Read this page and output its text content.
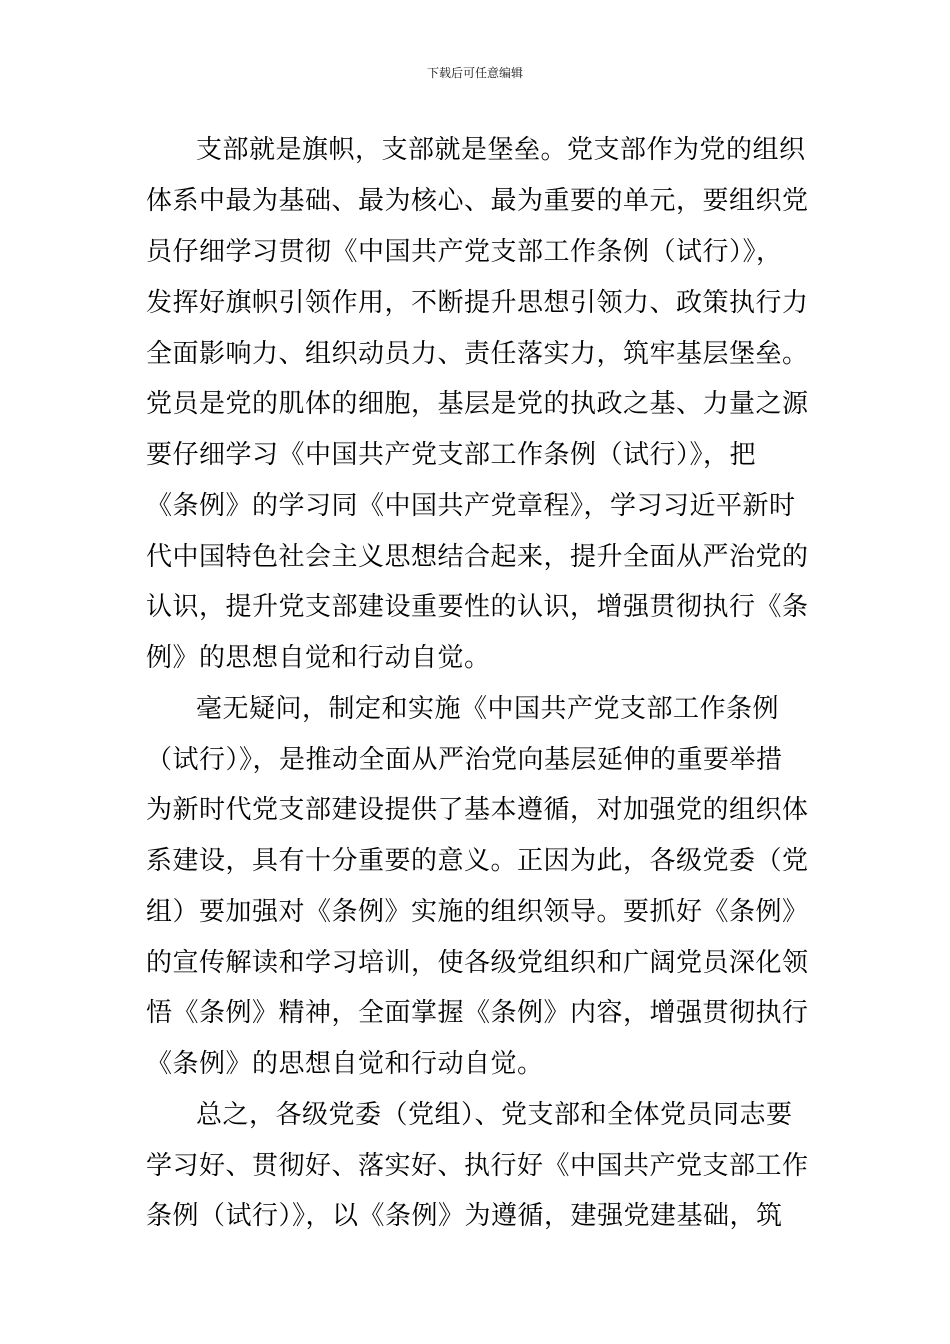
下载后可任意编辑
支部就是旗帜，支部就是堡垒。党支部作为党的组织
体系中最为基础、最为核心、最为重要的单元，要组织党
员仔细学习贯彻《中国共产党支部工作条例（试行）》，
发挥好旗帜引领作用，不断提升思想引领力、政策执行力
全面影响力、组织动员力、责任落实力，筑牢基层堡垒。
党员是党的肌体的细胞，基层是党的执政之基、力量之源
要仔细学习《中国共产党支部工作条例（试行）》，把
《条例》的学习同《中国共产党章程》，学习习近平新时
代中国特色社会主义思想结合起来，提升全面从严治党的
认识，提升党支部建设重要性的认识，增强贯彻执行《条
例》的思想自觉和行动自觉。
毫无疑问，制定和实施《中国共产党支部工作条例
（试行）》，是推动全面从严治党向基层延伸的重要举措
为新时代党支部建设提供了基本遵循，对加强党的组织体
系建设，具有十分重要的意义。正因为此，各级党委（党
组）要加强对《条例》实施的组织领导。要抓好《条例》
的宣传解读和学习培训，使各级党组织和广阔党员深化领
悟《条例》精神，全面掌握《条例》内容，增强贯彻执行
《条例》的思想自觉和行动自觉。
总之，各级党委（党组）、党支部和全体党员同志要
学习好、贯彻好、落实好、执行好《中国共产党支部工作
条例（试行）》，以《条例》为遵循，建强党建基础，筑
